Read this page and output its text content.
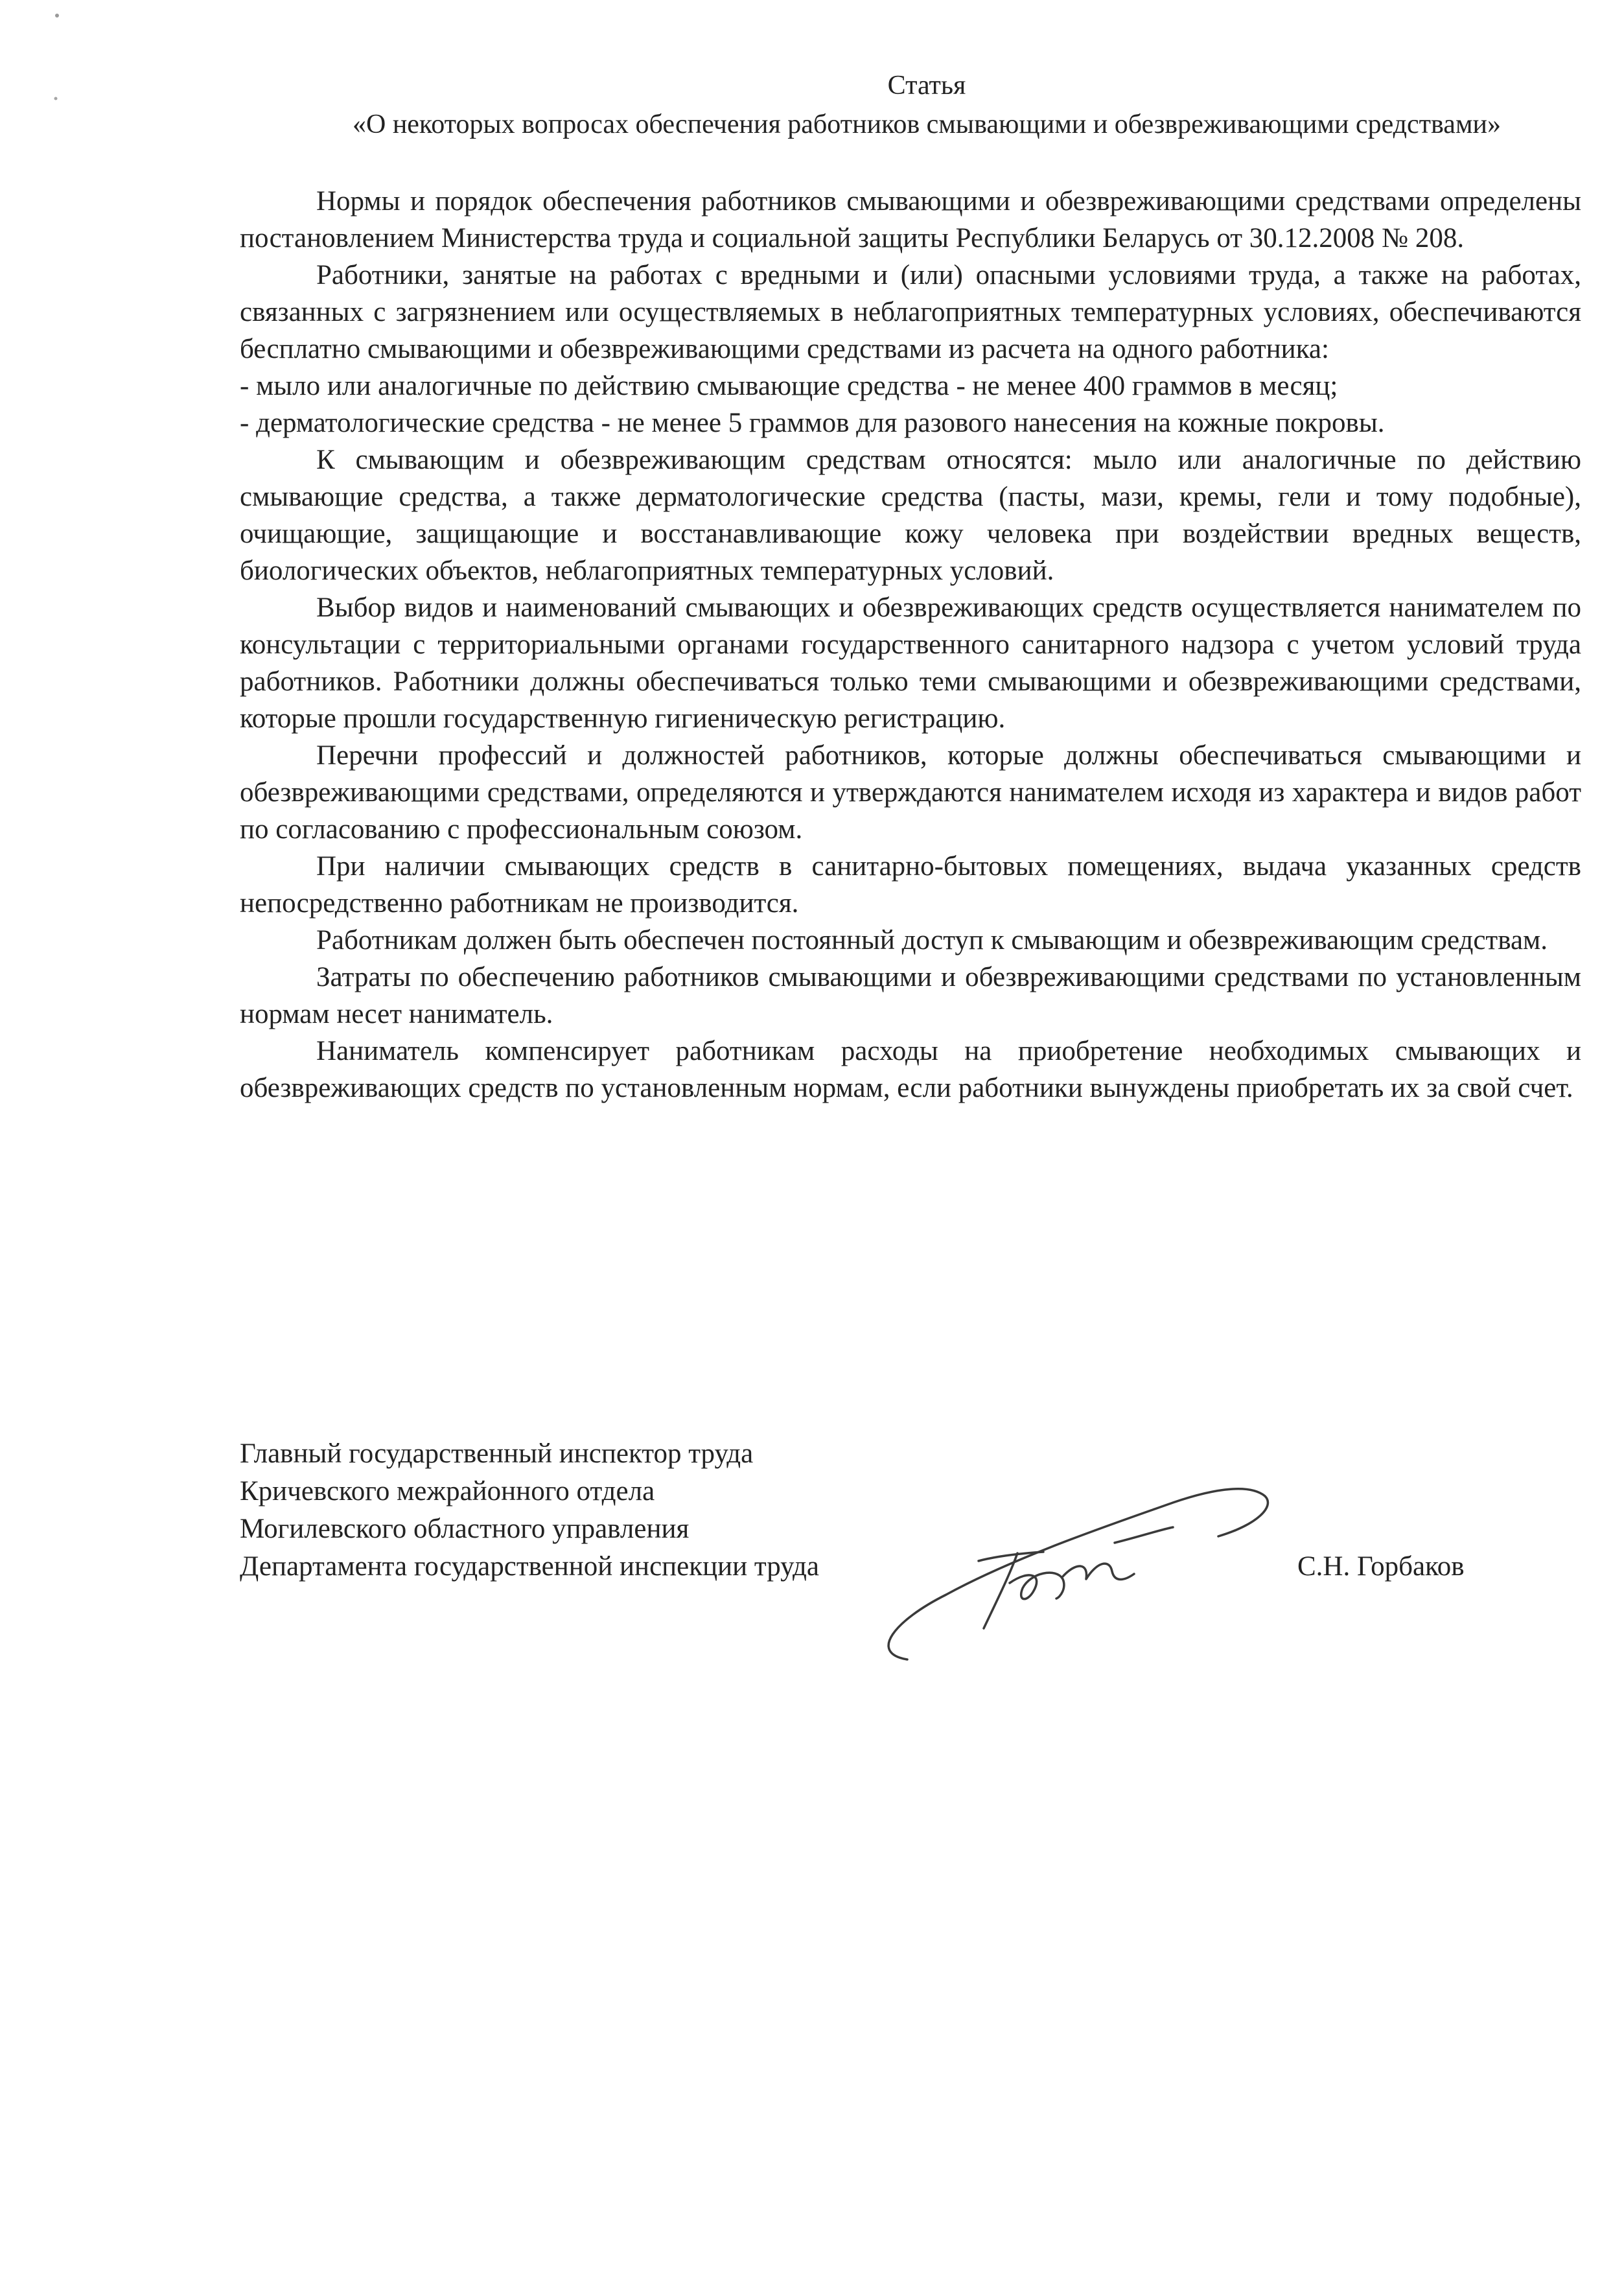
Статья
«О некоторых вопросах обеспечения работников смывающими и обезвреживающими средствами»

Нормы и порядок обеспечения работников смывающими и обезвреживающими средствами определены постановлением Министерства труда и социальной защиты Республики Беларусь от 30.12.2008 № 208.

Работники, занятые на работах с вредными и (или) опасными условиями труда, а также на работах, связанных с загрязнением или осуществляемых в неблагоприятных температурных условиях, обеспечиваются бесплатно смывающими и обезвреживающими средствами из расчета на одного работника:

- мыло или аналогичные по действию смывающие средства - не менее 400 граммов в месяц;

- дерматологические средства - не менее 5 граммов для разового нанесения на кожные покровы.

К смывающим и обезвреживающим средствам относятся: мыло или аналогичные по действию смывающие средства, а также дерматологические средства (пасты, мази, кремы, гели и тому подобные), очищающие, защищающие и восстанавливающие кожу человека при воздействии вредных веществ, биологических объектов, неблагоприятных температурных условий.

Выбор видов и наименований смывающих и обезвреживающих средств осуществляется нанимателем по консультации с территориальными органами государственного санитарного надзора с учетом условий труда работников. Работники должны обеспечиваться только теми смывающими и обезвреживающими средствами, которые прошли государственную гигиеническую регистрацию.

Перечни профессий и должностей работников, которые должны обеспечиваться смывающими и обезвреживающими средствами, определяются и утверждаются нанимателем исходя из характера и видов работ по согласованию с профессиональным союзом.

При наличии смывающих средств в санитарно-бытовых помещениях, выдача указанных средств непосредственно работникам не производится.

Работникам должен быть обеспечен постоянный доступ к смывающим и обезвреживающим средствам.

Затраты по обеспечению работников смывающими и обезвреживающими средствами по установленным нормам несет наниматель.

Наниматель компенсирует работникам расходы на приобретение необходимых смывающих и обезвреживающих средств по установленным нормам, если работники вынуждены приобретать их за свой счет.

Главный государственный инспектор труда
Кричевского межрайонного отдела
Могилевского областного управления
Департамента государственной инспекции труда	С.Н. Горбаков
